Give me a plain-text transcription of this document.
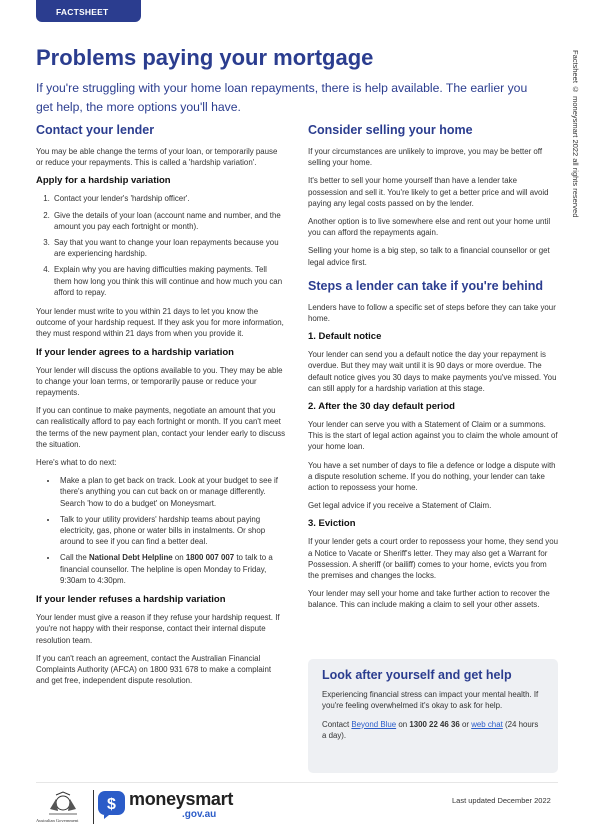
FACTSHEET
Factsheet © moneysmart 2022 all rights reserved
Problems paying your mortgage
If you're struggling with your home loan repayments, there is help available. The earlier you get help, the more options you'll have.
Contact your lender

You may be able change the terms of your loan, or temporarily pause or reduce your repayments. This is called a 'hardship variation'.

Apply for a hardship variation
1. Contact your lender's 'hardship officer'.
2. Give the details of your loan (account name and number, and the amount you pay each fortnight or month).
3. Say that you want to change your loan repayments because you are experiencing hardship.
4. Explain why you are having difficulties making payments. Tell them how long you think this will continue and how much you can afford to repay.

Your lender must write to you within 21 days to let you know the outcome of your hardship request. If they ask you for more information, they must respond within 21 days from when you provide it.

If your lender agrees to a hardship variation

Your lender will discuss the options available to you. They may be able to change your loan terms, or temporarily pause or reduce your repayments.

If you can continue to make payments, negotiate an amount that you can realistically afford to pay each fortnight or month. If you can't meet the terms of the new payment plan, contact your lender early to discuss the situation.

Here's what to do next:

• Make a plan to get back on track. Look at your budget to see if there's anything you can cut back on or manage differently. Search 'how to do a budget' on Moneysmart.
• Talk to your utility providers' hardship teams about paying electricity, gas, phone or water bills in instalments. Or shop around to see if you can find a better deal.
• Call the National Debt Helpline on 1800 007 007 to talk to a financial counsellor. The helpline is open Monday to Friday, 9:30am to 4:30pm.
If your lender refuses a hardship variation

Your lender must give a reason if they refuse your hardship request. If you're not happy with their response, contact their internal dispute resolution team.

If you can't reach an agreement, contact the Australian Financial Complaints Authority (AFCA) on 1800 931 678 to make a complaint and get free, independent dispute resolution.

Consider selling your home

If your circumstances are unlikely to improve, you may be better off selling your home.

It's better to sell your home yourself than have a lender take possession and sell it. You're likely to get a better price and will avoid paying any legal costs passed on by the lender.

Another option is to live somewhere else and rent out your home until you can afford the repayments again.

Selling your home is a big step, so talk to a financial counsellor or get legal advice first.

Steps a lender can take if you're behind

Lenders have to follow a specific set of steps before they can take your home.

1. Default notice

Your lender can send you a default notice the day your repayment is overdue. But they may wait until it is 90 days or more overdue. The default notice gives you 30 days to make payments you've missed. You can still apply for a hardship variation at this stage.

2. After the 30 day default period

Your lender can serve you with a Statement of Claim or a summons. This is the start of legal action against you to claim the whole amount of your home loan.

You have a set number of days to file a defence or lodge a dispute with a dispute resolution scheme. If you do nothing, your lender can take action to repossess your home.

Get legal advice if you receive a Statement of Claim.

3. Eviction

If your lender gets a court order to repossess your home, they send you a Notice to Vacate or Sheriff's letter. They may also get a Warrant for Possession. A sheriff (or bailiff) comes to your home, evicts you from the premises and changes the locks.

Your lender may sell your home and take further action to recover the balance. This can include making a claim to sell your other assets.

Look after yourself and get help

Experiencing financial stress can impact your mental health. If you're feeling overwhelmed it's okay to ask for help.

Contact Beyond Blue on 1300 22 46 36 or web chat (24 hours a day).

Australian Government
$ moneysmart
.gov.au
Last updated December 2022
